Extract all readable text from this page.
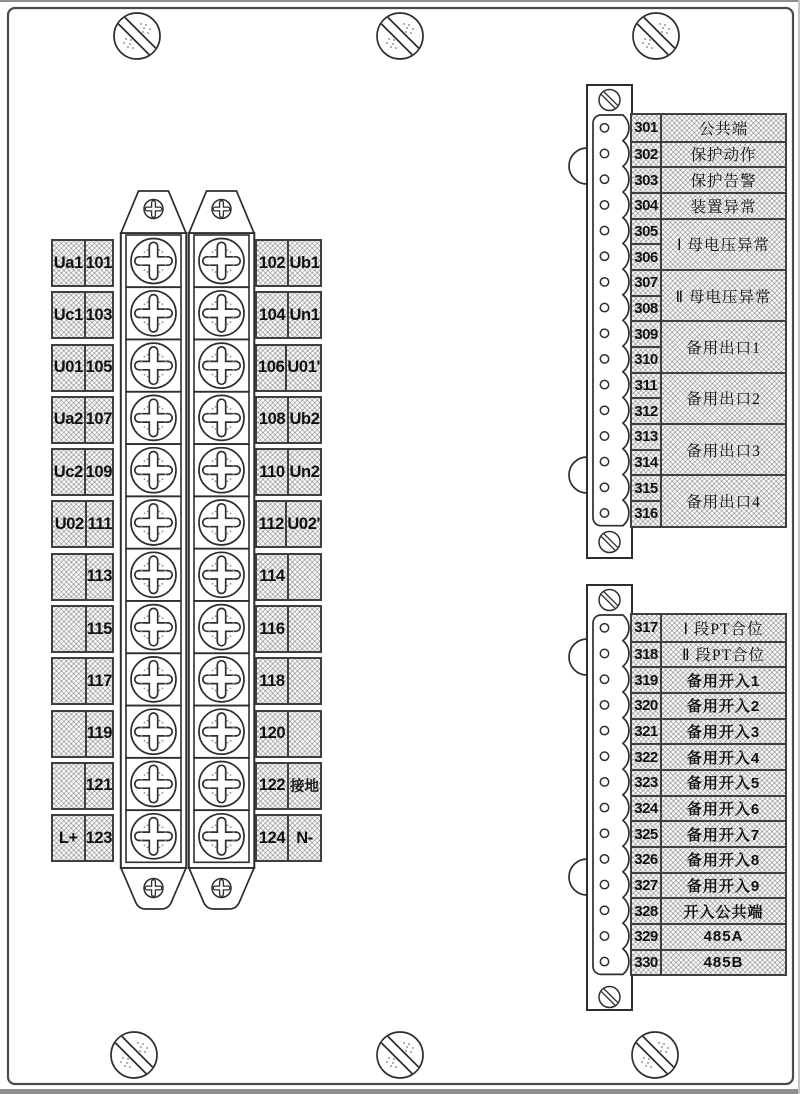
Ua1 101
Uc1 103
U01 105
Ua2 107
Uc2 109
U02 111
113
115
117
119
121
L+ 123
102 Ub1
104 Un1
106 U01'
108 Ub2
110 Un2
112 U02'
114
116
118
120
122 接地
124 N-
301
302
303
304
305
306
307
308
309
310
311
312
313
314
315
316
公共端
保护动作
保护告警
装置异常
Ⅰ 母电压异常
Ⅱ 母电压异常
备用出口1
备用出口2
备用出口3
备用出口4
317
318
319
320
321
322
323
324
325
326
327
328
329
330
Ⅰ 段PT合位
Ⅱ 段PT合位
备用开入1
备用开入2
备用开入3
备用开入4
备用开入5
备用开入6
备用开入7
备用开入8
备用开入9
开入公共端
485A
485B
